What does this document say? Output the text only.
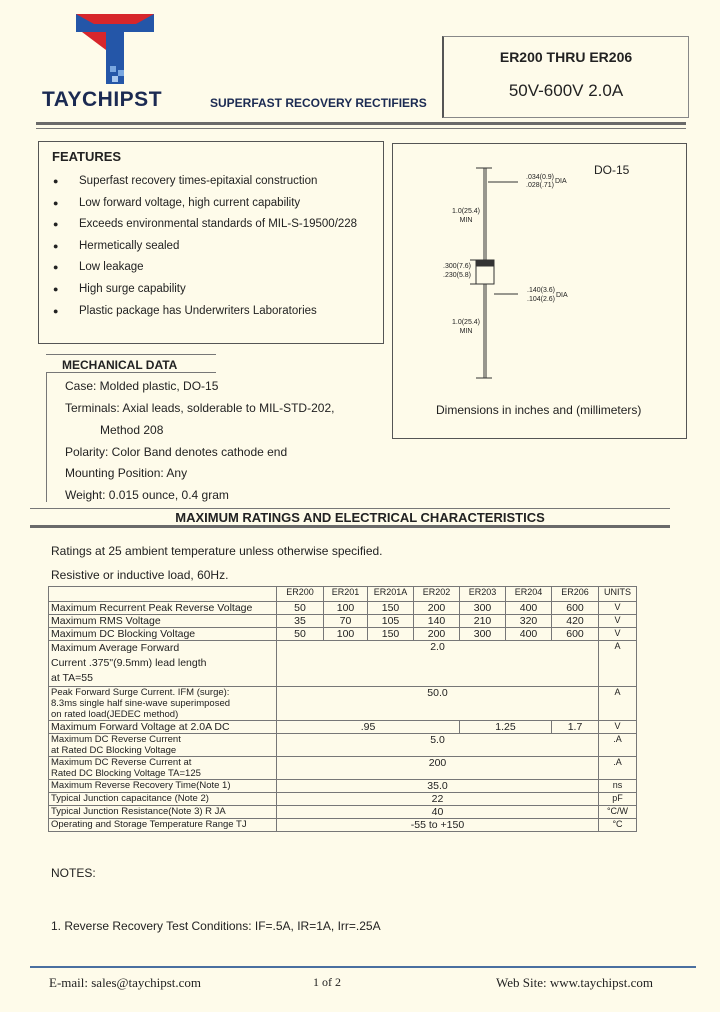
TAYCHIPST	SUPERFAST RECOVERY RECTIFIERS
ER200 THRU ER206
50V-600V 2.0A
FEATURES
● Superfast recovery times-epitaxial construction
● Low forward voltage, high current capability
● Exceeds environmental standards of MIL-S-19500/228
● Hermetically sealed
● Low leakage
● High surge capability
● Plastic package has Underwriters Laboratories
MECHANICAL DATA
Case: Molded plastic, DO-15
Terminals: Axial leads, solderable to MIL-STD-202,
Method 208
Polarity: Color Band denotes cathode end
Mounting Position: Any
Weight: 0.015 ounce, 0.4 gram
DO-15
.034(0.9)
.028(.71)
DIA
1.0(25.4)
MIN
.300(7.6)
.230(5.8)
.140(3.6)
.104(2.6)
DIA
1.0(25.4)
MIN
Dimensions in inches and (millimeters)
MAXIMUM RATINGS AND ELECTRICAL CHARACTERISTICS
Ratings at 25 ambient temperature unless otherwise specified.
Resistive or inductive load, 60Hz.
	ER200	ER201	ER201A	ER202	ER203	ER204	ER206	UNITS
Maximum Recurrent Peak Reverse Voltage	50	100	150	200	300	400	600	V
Maximum RMS Voltage	35	70	105	140	210	320	420	V
Maximum DC Blocking Voltage	50	100	150	200	300	400	600	V
Maximum Average Forward
Current .375"(9.5mm) lead length
at TA=55	2.0							A
Peak Forward Surge Current. IFM (surge):
8.3ms single half sine-wave superimposed
on rated load(JEDEC method)	50.0							A
Maximum Forward Voltage at 2.0A DC	.95				1.25		1.7	V
Maximum DC Reverse Current
at Rated DC Blocking Voltage	5.0							.A
Maximum DC Reverse Current at
Rated DC Blocking Voltage TA=125	200							.A
Maximum Reverse Recovery Time(Note 1)	35.0							ns
Typical Junction capacitance (Note 2)	22							pF
Typical Junction Resistance(Note 3) R JA	40							°C/W
Operating and Storage Temperature Range TJ	-55 to +150							°C
NOTES:
1. Reverse Recovery Test Conditions: IF=.5A, IR=1A, Irr=.25A
E-mail: sales@taychipst.com	1 of 2	Web Site: www.taychipst.com
